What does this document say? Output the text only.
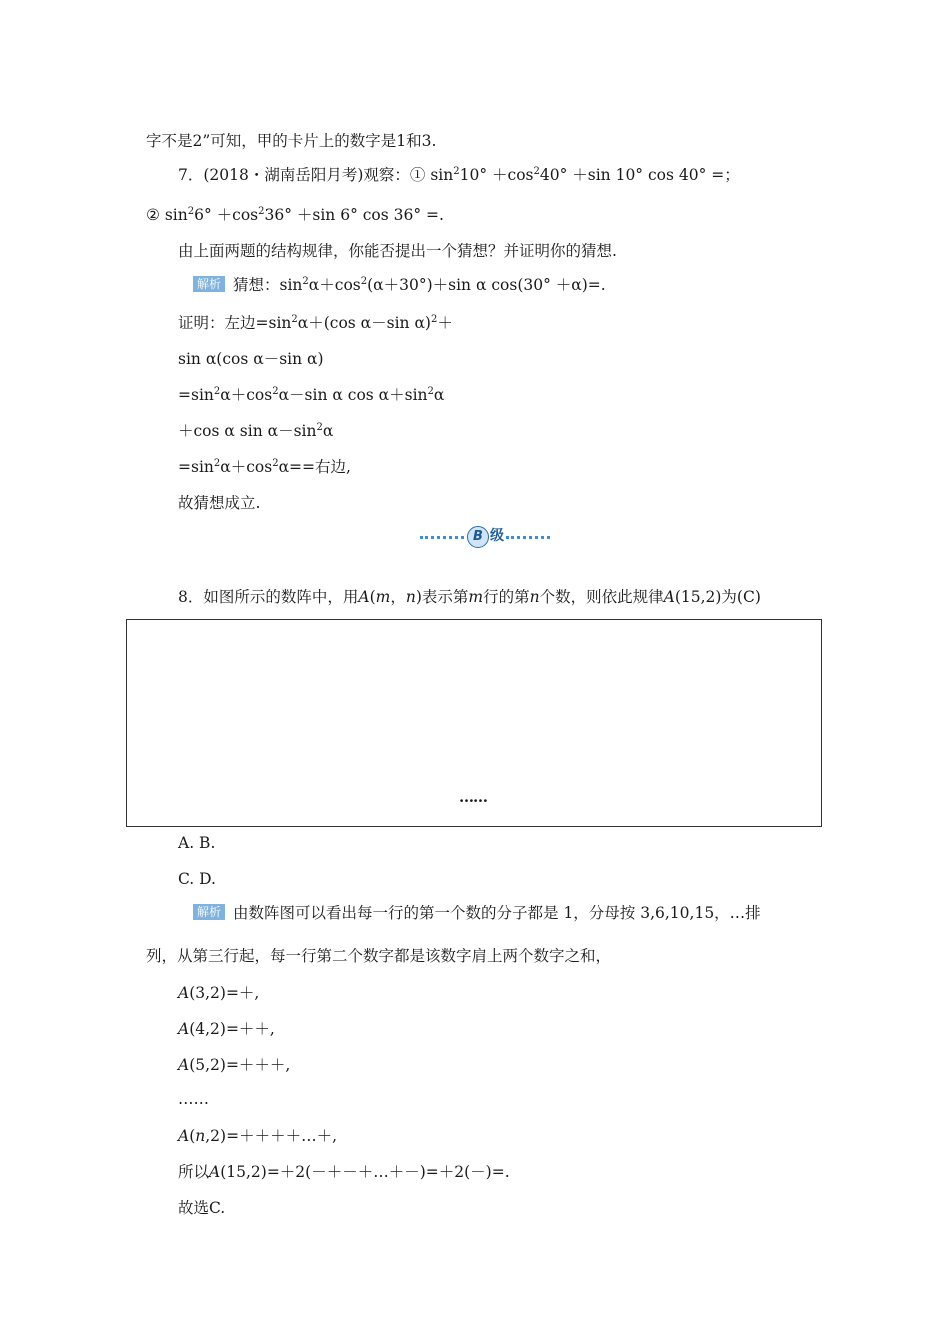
字不是2”可知，甲的卡片上的数字是1和3.
7．(2018・湖南岳阳月考)观察：① $\sin^210^\circ +\cos^240^\circ +\sin$ 10° cos 40° =；
② $\sin^26^\circ +\cos^236^\circ +\sin$ 6° cos 36° =.
由上面两题的结构规律，你能否提出一个猜想？并证明你的猜想.
解析 猜想：$\sin^2\alpha+\cos^2(\alpha+30^\circ)+\sin$ α cos(30° ＋α)=.
证明：左边$=\sin^2\alpha+(\cos$ α－sin α)$^2$＋
sin α(cos α－sin α)
$=\sin^2\alpha+\cos^2\alpha-\sin$ α $\cos \alpha+\sin^2\alpha$
＋cos α $\sin \alpha-\sin^2\alpha$
$=\sin^2\alpha+\cos^2\alpha==$右边,
故猜想成立.
B 级
8．如图所示的数阵中，用A(m，n)表示第m行的第n个数，则依此规律A(15,2)为(C)
……
A. B.
C. D.
解析 由数阵图可以看出每一行的第一个数的分子都是 1，分母按 3,6,10,15，…排
列，从第三行起，每一行第二个数字都是该数字肩上两个数字之和，
A(3,2)=＋,
A(4,2)=＋＋,
A(5,2)=＋＋＋,
……
A(n,2)=＋＋＋＋…＋,
所以A(15,2)=＋2(－＋－＋…＋－)=＋2(－)=.
故选C.
